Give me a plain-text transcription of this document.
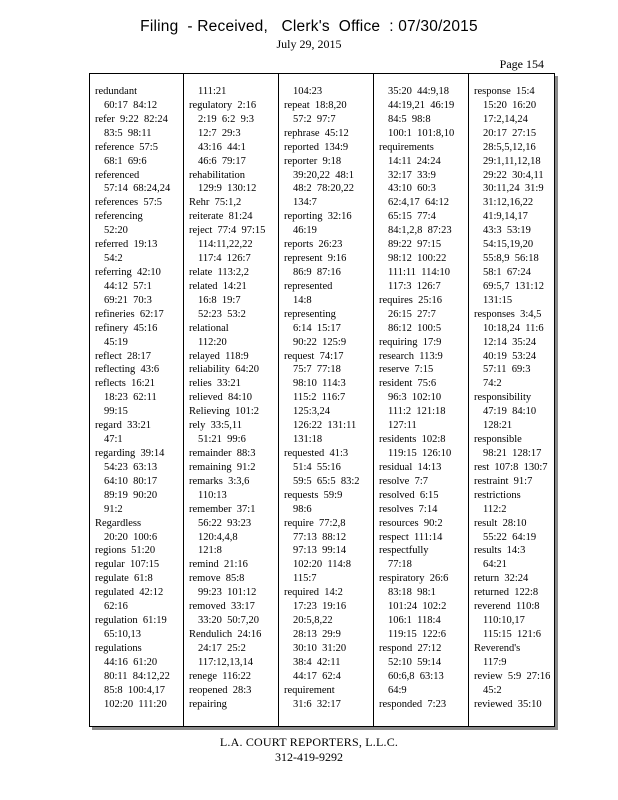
Filing  - Received,   Clerk's  Office  : 07/30/2015
July 29, 2015
Page 154
redundant
60:17  84:12
refer  9:22  82:24
83:5  98:11
reference  57:5
68:1  69:6
referenced
57:14  68:24,24
references  57:5
referencing
52:20
referred  19:13
54:2
referring  42:10
44:12  57:1
69:21  70:3
refineries  62:17
refinery  45:16
45:19
reflect  28:17
reflecting  43:6
reflects  16:21
18:23  62:11
99:15
regard  33:21
47:1
regarding  39:14
54:23  63:13
64:10  80:17
89:19  90:20
91:2
Regardless
20:20  100:6
regions  51:20
regular  107:15
regulate  61:8
regulated  42:12
62:16
regulation  61:19
65:10,13
regulations
44:16  61:20
80:11  84:12,22
85:8  100:4,17
102:20  111:20
111:21
regulatory  2:16
2:19  6:2  9:3
12:7  29:3
43:16  44:1
46:6  79:17
rehabilitation
129:9  130:12
Rehr  75:1,2
reiterate  81:24
reject  77:4  97:15
114:11,22,22
117:4  126:7
relate  113:2,2
related  14:21
16:8  19:7
52:23  53:2
relational
112:20
relayed  118:9
reliability  64:20
relies  33:21
relieved  84:10
Relieving  101:2
rely  33:5,11
51:21  99:6
remainder  88:3
remaining  91:2
remarks  3:3,6
110:13
remember  37:1
56:22  93:23
120:4,4,8
121:8
remind  21:16
remove  85:8
99:23  101:12
removed  33:17
33:20  50:7,20
Rendulich  24:16
24:17  25:2
117:12,13,14
renege  116:22
reopened  28:3
repairing
104:23
repeat  18:8,20
57:2  97:7
rephrase  45:12
reported  134:9
reporter  9:18
39:20,22  48:1
48:2  78:20,22
134:7
reporting  32:16
46:19
reports  26:23
represent  9:16
86:9  87:16
represented
14:8
representing
6:14  15:17
90:22  125:9
request  74:17
75:7  77:18
98:10  114:3
115:2  116:7
125:3,24
126:22  131:11
131:18
requested  41:3
51:4  55:16
59:5  65:5  83:2
requests  59:9
98:6
require  77:2,8
77:13  88:12
97:13  99:14
102:20  114:8
115:7
required  14:2
17:23  19:16
20:5,8,22
28:13  29:9
30:10  31:20
38:4  42:11
44:17  62:4
requirement
31:6  32:17
35:20  44:9,18
44:19,21  46:19
84:5  98:8
100:1  101:8,10
requirements
14:11  24:24
32:17  33:9
43:10  60:3
62:4,17  64:12
65:15  77:4
84:1,2,8  87:23
89:22  97:15
98:12  100:22
111:11  114:10
117:3  126:7
requires  25:16
26:15  27:7
86:12  100:5
requiring  17:9
research  113:9
reserve  7:15
resident  75:6
96:3  102:10
111:2  121:18
127:11
residents  102:8
119:15  126:10
residual  14:13
resolve  7:7
resolved  6:15
resolves  7:14
resources  90:2
respect  111:14
respectfully
77:18
respiratory  26:6
83:18  98:1
101:24  102:2
106:1  118:4
119:15  122:6
respond  27:12
52:10  59:14
60:6,8  63:13
64:9
responded  7:23
response  15:4
15:20  16:20
17:2,14,24
20:17  27:15
28:5,5,12,16
29:1,11,12,18
29:22  30:4,11
30:11,24  31:9
31:12,16,22
41:9,14,17
43:3  53:19
54:15,19,20
55:8,9  56:18
58:1  67:24
69:5,7  131:12
131:15
responses  3:4,5
10:18,24  11:6
12:14  35:24
40:19  53:24
57:11  69:3
74:2
responsibility
47:19  84:10
128:21
responsible
98:21  128:17
rest  107:8  130:7
restraint  91:7
restrictions
112:2
result  28:10
55:22  64:19
results  14:3
64:21
return  32:24
returned  122:8
reverend  110:8
110:10,17
115:15  121:6
Reverend's
117:9
review  5:9  27:16
45:2
reviewed  35:10
L.A. COURT REPORTERS, L.L.C.
312-419-9292
